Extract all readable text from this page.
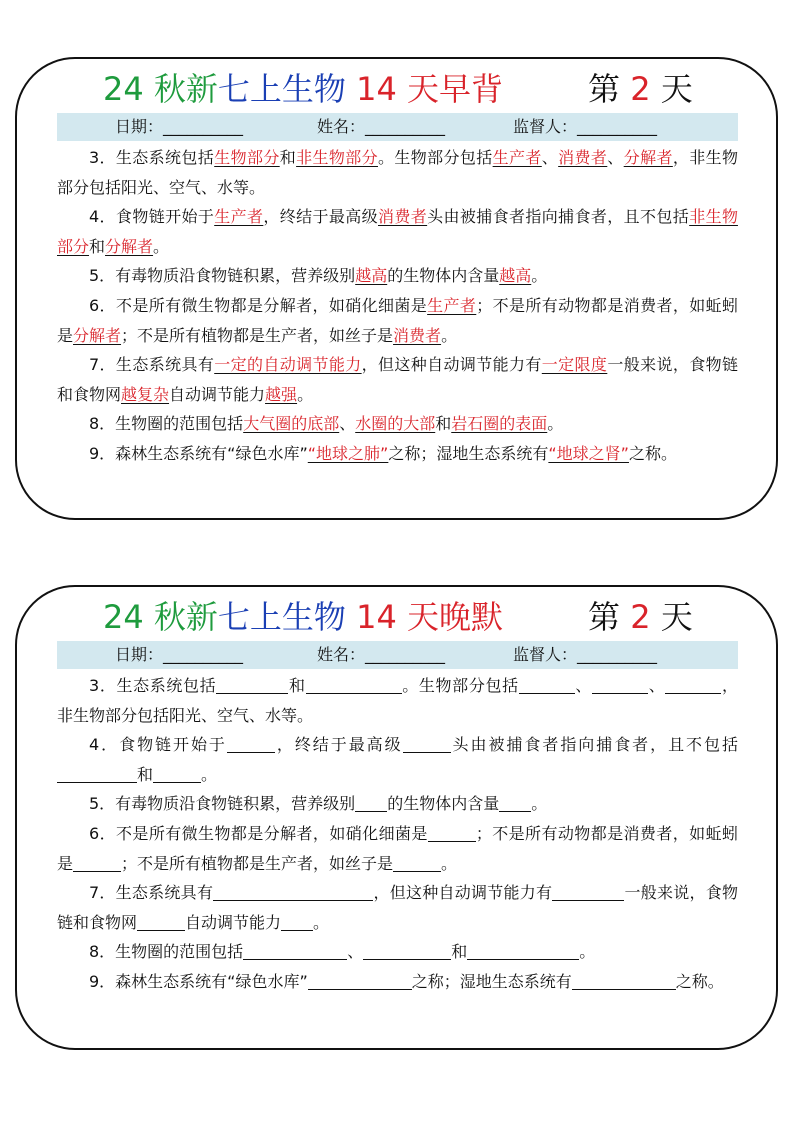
24 秋新七上生物 14 天早背	第 2 天
日期：__________	姓名：__________	监督人：__________

3．生态系统包括生物部分和非生物部分。生物部分包括生产者、消费者、分解者，非生物部分包括阳光、空气、水等。

4．食物链开始于生产者，终结于最高级消费者头由被捕食者指向捕食者，且不包括非生物部分和分解者。

5．有毒物质沿食物链积累，营养级别越高的生物体内含量越高。

6．不是所有微生物都是分解者，如硝化细菌是生产者；不是所有动物都是消费者，如蚯蚓是分解者；不是所有植物都是生产者，如丝子是消费者。

7．生态系统具有一定的自动调节能力，但这种自动调节能力有一定限度一般来说，食物链和食物网越复杂自动调节能力越强。

8．生物圈的范围包括大气圈的底部、水圈的大部和岩石圈的表面。

9．森林生态系统有“绿色水库”“地球之肺”之称；湿地生态系统有“地球之肾”之称。

24 秋新七上生物 14 天晚默	第 2 天
日期：__________	姓名：__________	监督人：__________

3．生态系统包括	和	。生物部分包括	、	、	，非生物部分包括阳光、空气、水等。

4．食物链开始于	，终结于最高级	头由被捕食者指向捕食者，且不包括和	。

5．有毒物质沿食物链积累，营养级别 的生物体内含量 。

6．不是所有微生物都是分解者，如硝化细菌是	；不是所有动物都是消费者，如蚯蚓是	；不是所有植物都是生产者，如丝子是	。

7．生态系统具有	，但这种自动调节能力有	一般来说，食物链和食物网	自动调节能力 。

8．生物圈的范围包括	、	和	。

9．森林生态系统有“绿色水库”	之称；湿地生态系统有	之称。
